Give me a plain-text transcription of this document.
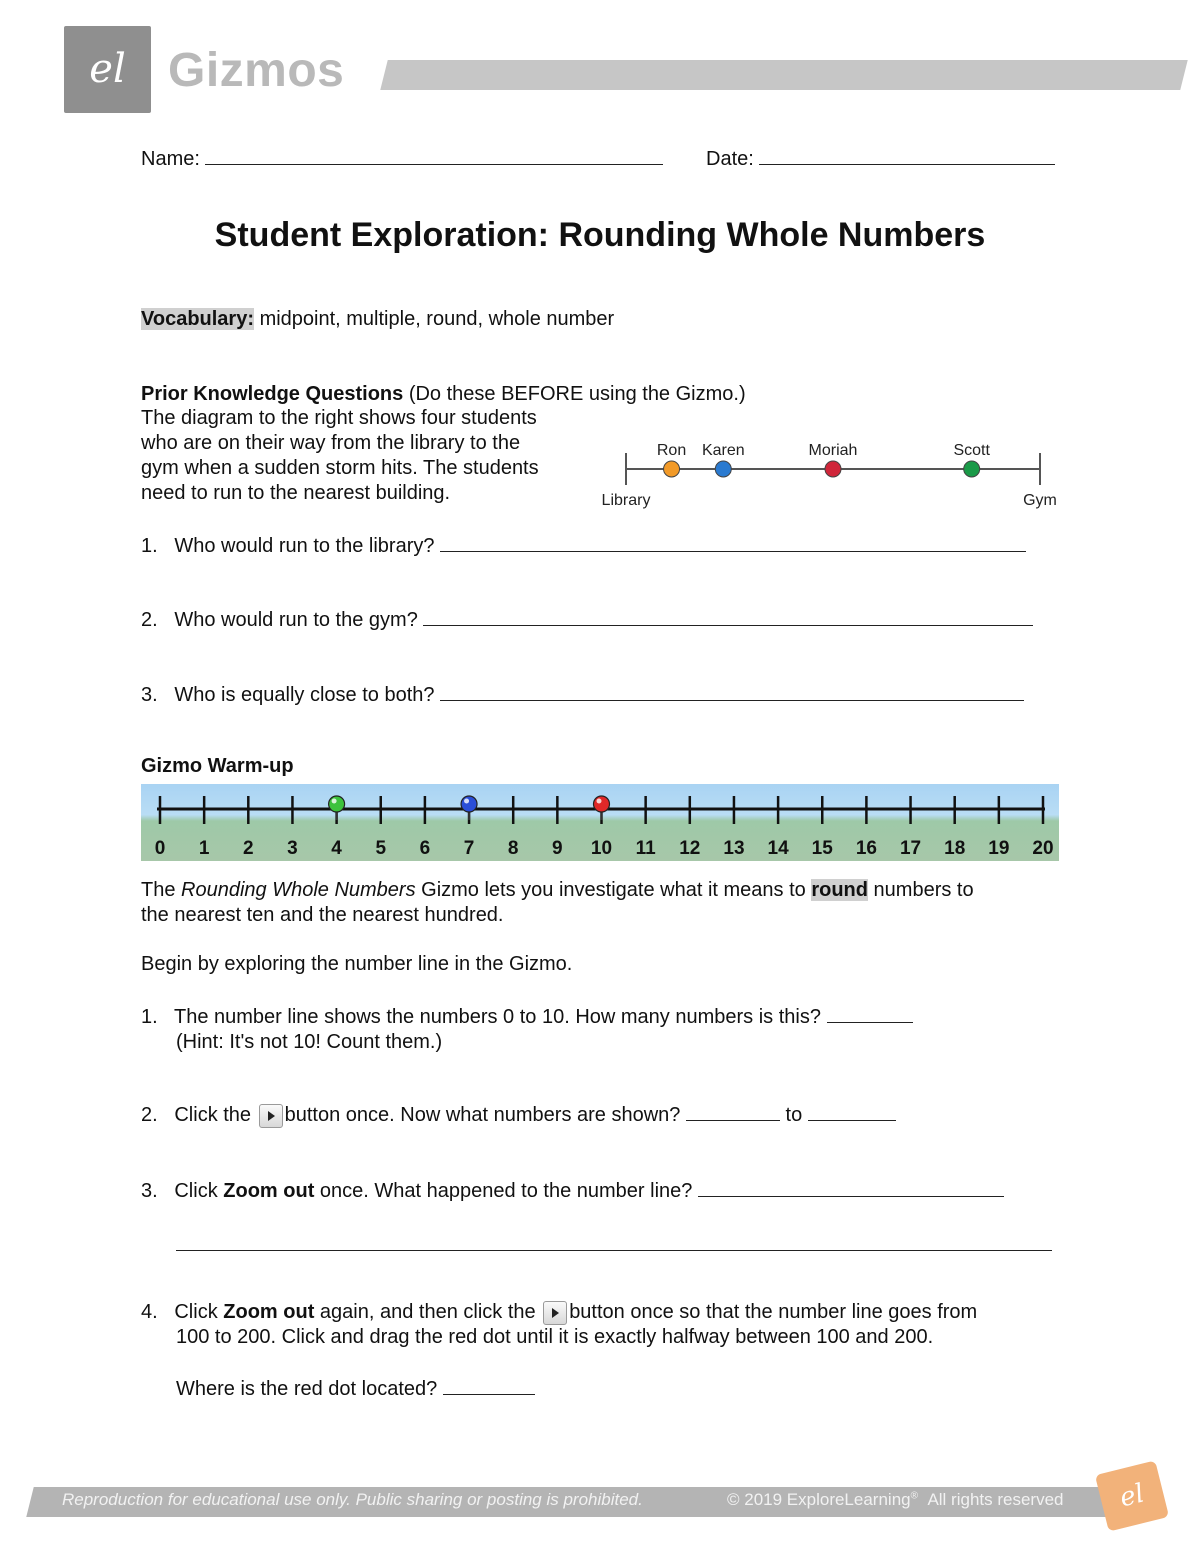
el Gizmos
Name:	Date:
Student Exploration: Rounding Whole Numbers
Vocabulary: midpoint, multiple, round, whole number
Prior Knowledge Questions (Do these BEFORE using the Gizmo.)
The diagram to the right shows four students
who are on their way from the library to the
gym when a sudden storm hits. The students
need to run to the nearest building.	Library	Gym
Ron Karen	Moriah	Scott
1. Who would run to the library?
2. Who would run to the gym?
3. Who is equally close to both?
Gizmo Warm-up
0 1 2 3 4 5 6 7 8 9 10 11 12 13 14 15 16 17 18 19 20
The Rounding Whole Numbers Gizmo lets you investigate what it means to round numbers to
the nearest ten and the nearest hundred.
Begin by exploring the number line in the Gizmo.
1. The number line shows the numbers 0 to 10. How many numbers is this?
(Hint: It's not 10! Count them.)
2. Click the button once. Now what numbers are shown?	to
3. Click Zoom out once. What happened to the number line?
4. Click Zoom out again, and then click the button once so that the number line goes from
100 to 200. Click and drag the red dot until it is exactly halfway between 100 and 200.
Where is the red dot located?
Reproduction for educational use only. Public sharing or posting is prohibited.	© 2019 ExploreLearning® All rights reserved	el
